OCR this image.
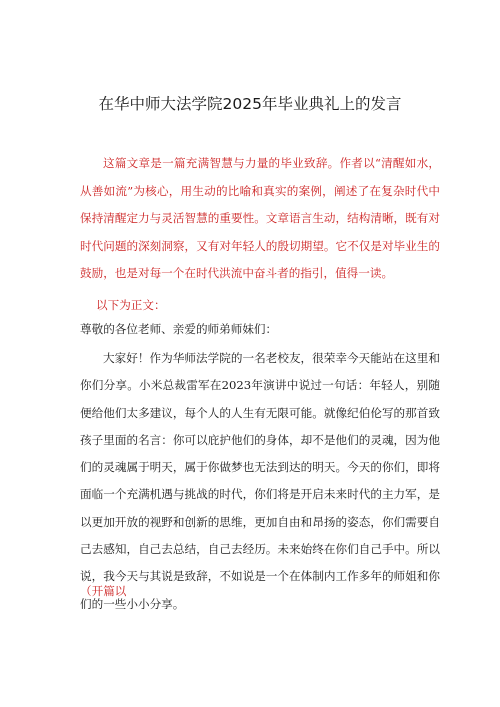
在华中师大法学院2025年毕业典礼上的发言

这篇文章是一篇充满智慧与力量的毕业致辞。作者以“清醒如水，从善如流”为核心，用生动的比喻和真实的案例，阐述了在复杂时代中保持清醒定力与灵活智慧的重要性。文章语言生动，结构清晰，既有对时代问题的深刻洞察，又有对年轻人的殷切期望。它不仅是对毕业生的鼓励，也是对每一个在时代洪流中奋斗者的指引，值得一读。

以下为正文：

尊敬的各位老师、亲爱的师弟师妹们：

大家好！作为华师法学院的一名老校友，很荣幸今天能站在这里和你们分享。小米总裁雷军在2023年演讲中说过一句话：年轻人，别随便给他们太多建议，每个人的人生有无限可能。就像纪伯伦写的那首致孩子里面的名言：你可以庇护他们的身体，却不是他们的灵魂，因为他们的灵魂属于明天，属于你做梦也无法到达的明天。今天的你们，即将面临一个充满机遇与挑战的时代，你们将是开启未来时代的主力军，是以更加开放的视野和创新的思维，更加自由和昂扬的姿态，你们需要自己去感知，自己去总结，自己去经历。未来始终在你们自己手中。所以说，我今天与其说是致辞，不如说是一个在体制内工作多年的师姐和你们的一些小小分享。

（开篇以
